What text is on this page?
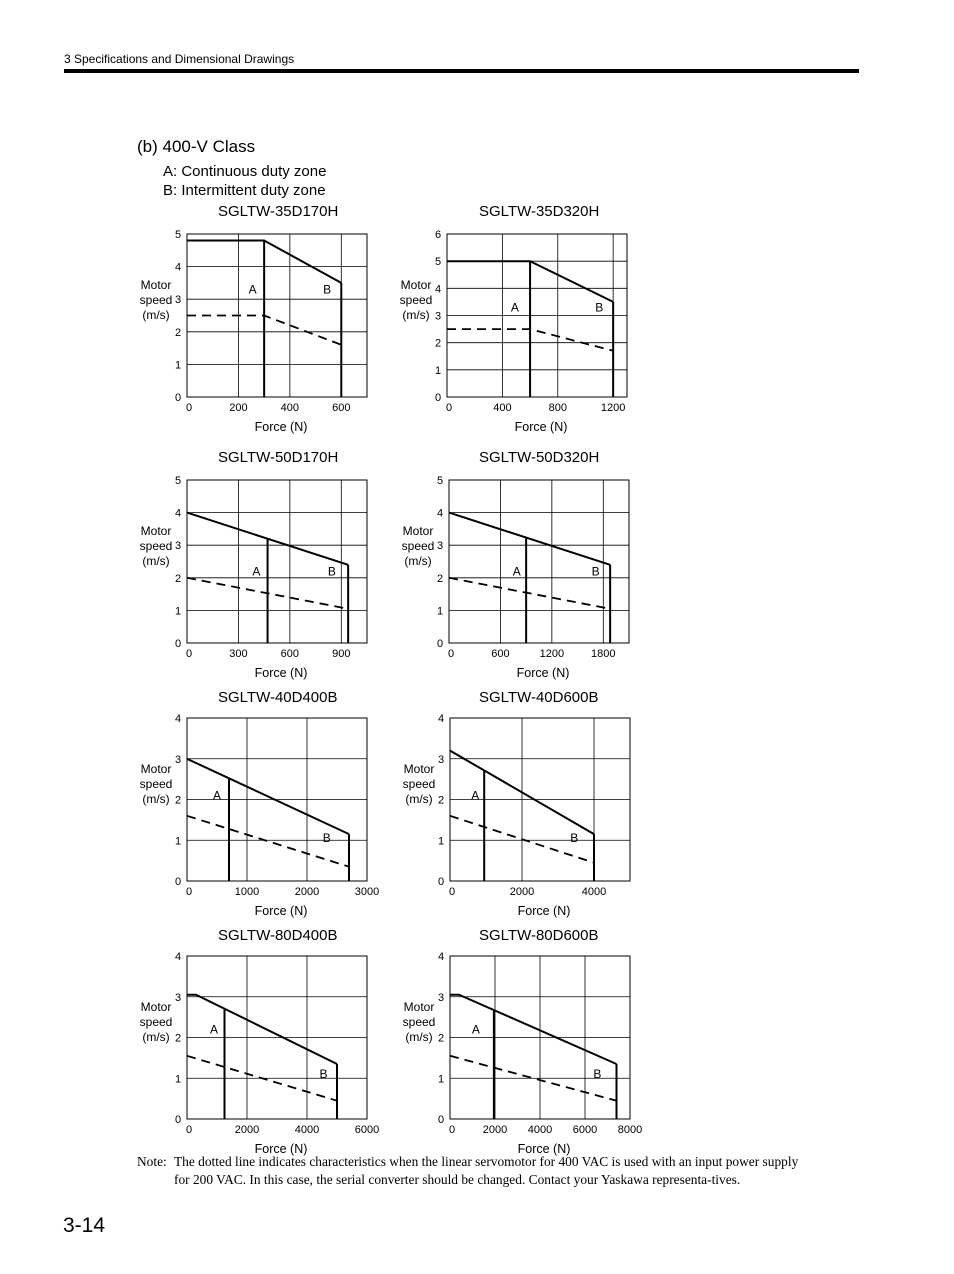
3 Specifications and Dimensional Drawings
(b) 400-V Class
A: Continuous duty zone
B: Intermittent duty zone
0	200	400	600
0
1
2
3
4
5
Motor
speed
(m/s)
Force (N)
A	B
0	400	800	1200
0
1
2
3
4
5
6
Motor
speed
(m/s)
Force (N)
A	B
0	300	600	900
0
1
2
3
4
5
Motor
speed
(m/s)
Force (N)
A	B
0	600	1200 1800
0
1
2
3
4
5
Motor
speed
(m/s)
Force (N)
A	B
0	1000	2000	3000
0
1
2
3
4
Motor
speed
(m/s)
Force (N)
A
B
0	2000	4000
0
1
2
3
4
Motor
speed
(m/s)
Force (N)
A
B
0	2000	4000	6000
0
1
2
3
4
Motor
speed
(m/s)
Force (N)
A
B
0	2000 4000 6000 8000
0
1
2
3
4
Motor
speed
(m/s)
Force (N)
A
B
SGLTW-35D170H	SGLTW-35D320H
SGLTW-50D170H	SGLTW-50D320H
SGLTW-40D400B	SGLTW-40D600B
SGLTW-80D400B	SGLTW-80D600B
Note: The dotted line indicates characteristics when the linear servomotor for 400 VAC is used with an input power supply for 200 VAC. In this case, the serial converter should be changed. Contact your Yaskawa representa-tives.
3-14
